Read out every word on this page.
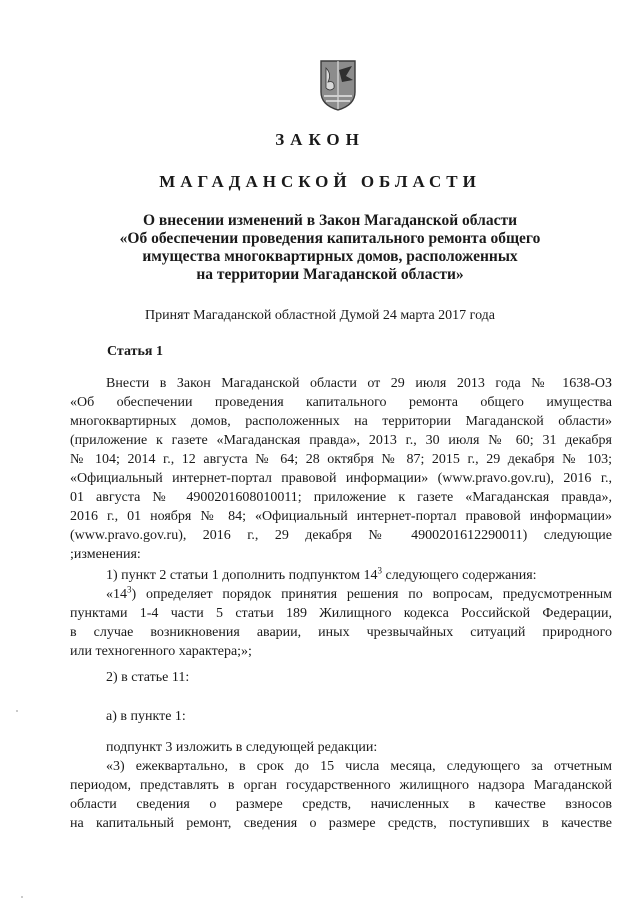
ЗАКОН
МАГАДАНСКОЙ ОБЛАСТИ
О внесении изменений в Закон Магаданской области
«Об обеспечении проведения капитального ремонта общего
имущества многоквартирных домов, расположенных
на территории Магаданской области»
Принят Магаданской областной Думой 24 марта 2017 года
Статья 1
Внести в Закон Магаданской области от 29 июля 2013 года № 1638-ОЗ
«Об обеспечении проведения капитального ремонта общего имущества
многоквартирных домов, расположенных на территории Магаданской области»
(приложение к газете «Магаданская правда», 2013 г., 30 июля № 60; 31 декабря
№ 104; 2014 г., 12 августа № 64; 28 октября № 87; 2015 г., 29 декабря № 103;
«Официальный интернет-портал правовой информации» (www.pravo.gov.ru), 2016 г.,
01 августа № 4900201608010011; приложение к газете «Магаданская правда»,
2016 г., 01 ноября № 84; «Официальный интернет-портал правовой информации»
(www.pravo.gov.ru), 2016 г., 29 декабря № 4900201612290011) следующие
;изменения:
1) пункт 2 статьи 1 дополнить подпунктом $14^3$ следующего содержания:
«$14^3$) определяет порядок принятия решения по вопросам, предусмотренным
пунктами 1-4 части 5 статьи 189 Жилищного кодекса Российской Федерации,
в случае возникновения аварии, иных чрезвычайных ситуаций природного
или техногенного характера;»;
2) в статье 11:
а) в пункте 1:
подпункт 3 изложить в следующей редакции:
«3) ежеквартально, в срок до 15 числа месяца, следующего за отчетным
периодом, представлять в орган государственного жилищного надзора Магаданской
области сведения о размере средств, начисленных в качестве взносов
на капитальный ремонт, сведения о размере средств, поступивших в качестве
